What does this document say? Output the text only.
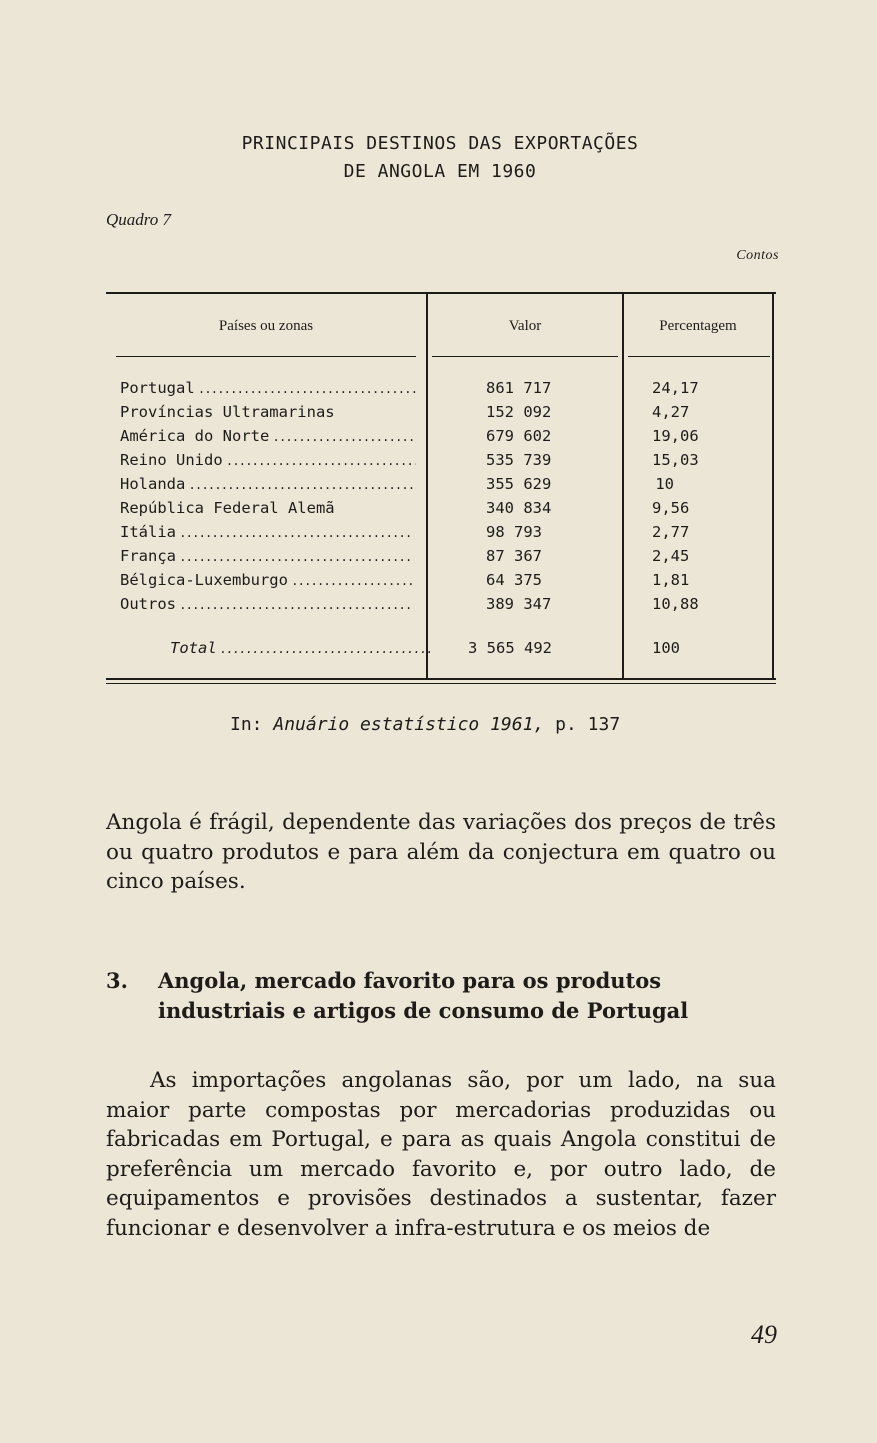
PRINCIPAIS DESTINOS DAS EXPORTAÇÕES
DE ANGOLA EM 1960
Quadro 7
Contos
Países ou zonas	Valor	Percentagem
Portugal . . .	861 717	24,17
Províncias Ultramarinas	152 092	4,27
América do Norte . . .	679 602	19,06
Reino Unido . . .	535 739	15,03
Holanda . . .	355 629	10
República Federal Alemã	340 834	9,56
Itália . . .	98 793	2,77
França . . .	87 367	2,45
Bélgica-Luxemburgo . . .	64 375	1,81
Outros . . .	389 347	10,88
Total . . .	3 565 492	100
In: Anuário estatístico 1961, p. 137
Angola é frágil, dependente das variações dos preços de três ou quatro produtos e para além da conjectura em quatro ou cinco países.
3. Angola, mercado favorito para os produtos industriais e artigos de consumo de Portugal
As importações angolanas são, por um lado, na sua maior parte compostas por mercadorias produzidas ou fabricadas em Portugal, e para as quais Angola constitui de preferência um mercado favorito e, por outro lado, de equipamentos e provisões destinados a sustentar, fazer funcionar e desenvolver a infra-estrutura e os meios de
49
